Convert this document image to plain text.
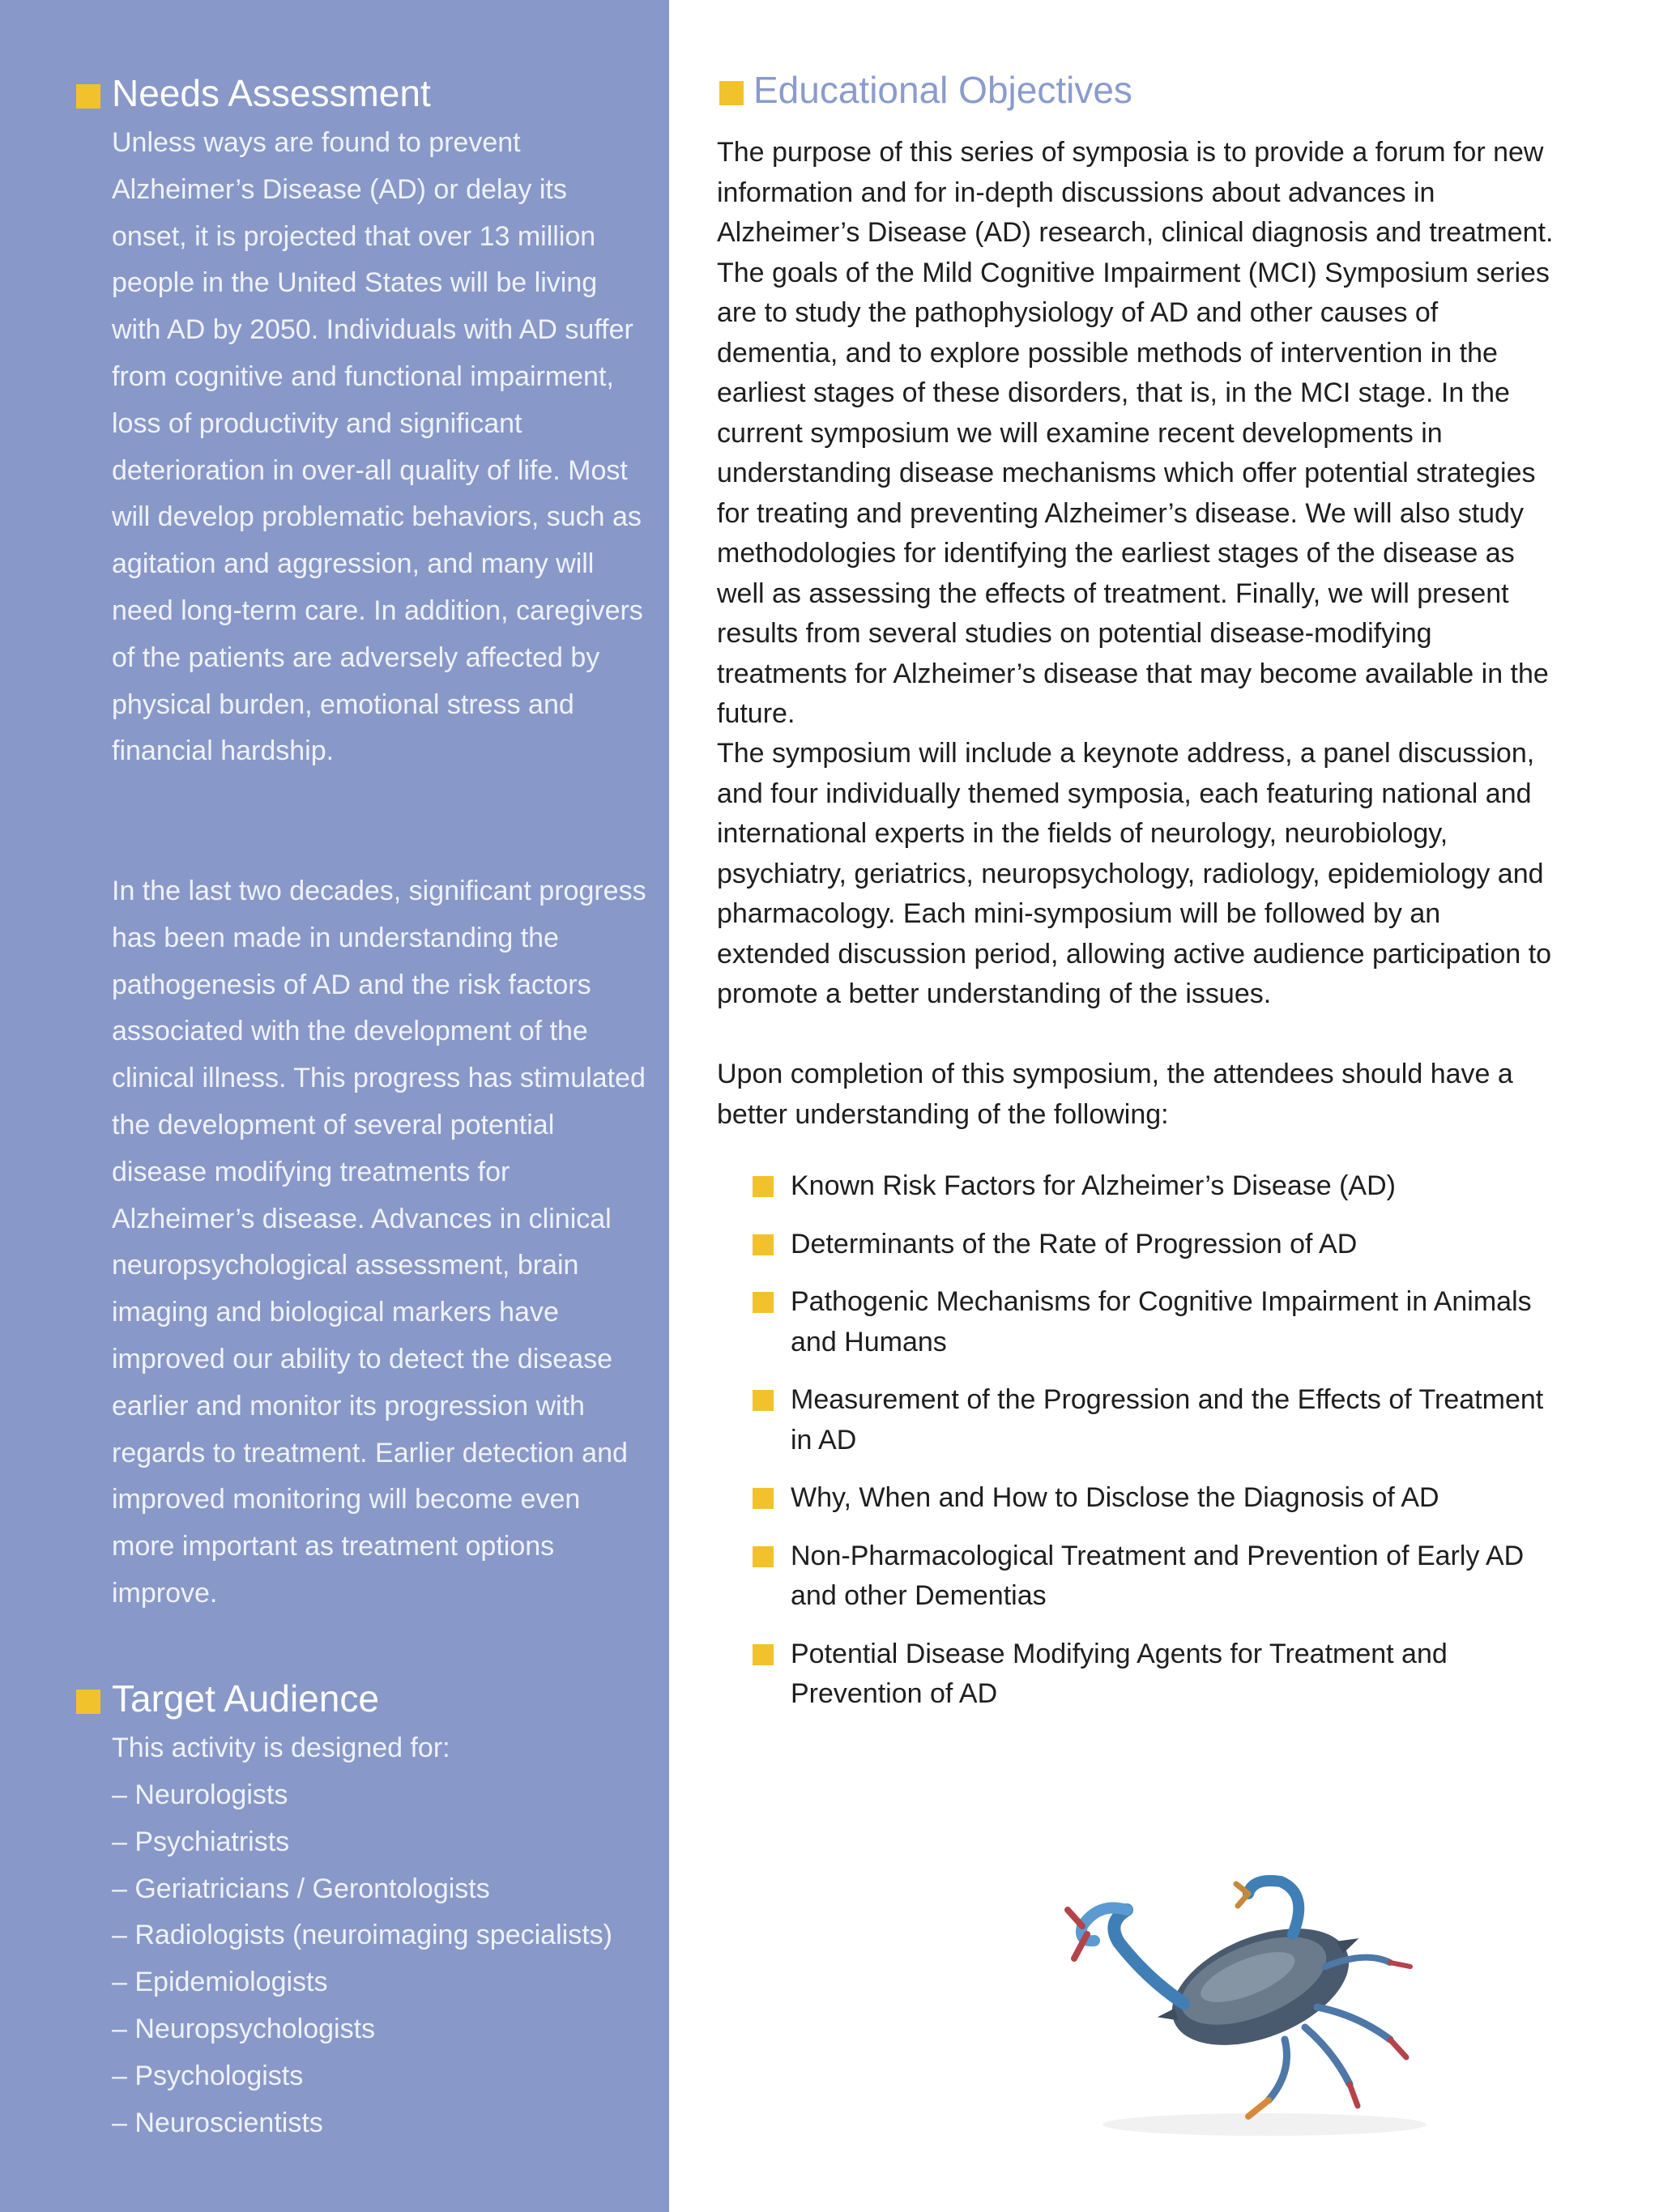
Needs Assessment

Unless ways are found to prevent Alzheimer’s Disease (AD) or delay its onset, it is projected that over 13 million people in the United States will be living with AD by 2050. Individuals with AD suffer from cognitive and functional impairment, loss of productivity and significant deterioration in over-all quality of life. Most will develop problematic behaviors, such as agitation and aggression, and many will need long-term care. In addition, caregivers of the patients are adversely affected by physical burden, emotional stress and financial hardship.

In the last two decades, significant progress has been made in understanding the pathogenesis of AD and the risk factors associated with the development of the clinical illness. This progress has stimulated the development of several potential disease modifying treatments for Alzheimer’s disease. Advances in clinical neuropsychological assessment, brain imaging and biological markers have improved our ability to detect the disease earlier and monitor its progression with regards to treatment. Earlier detection and improved monitoring will become even more important as treatment options improve.

Target Audience

This activity is designed for:

– Neurologists
– Psychiatrists
– Geriatricians / Gerontologists
– Radiologists (neuroimaging specialists)
– Epidemiologists
– Neuropsychologists
– Psychologists
– Neuroscientists
Educational Objectives

The purpose of this series of symposia is to provide a forum for new information and for in-depth discussions about advances in Alzheimer’s Disease (AD) research, clinical diagnosis and treatment. The goals of the Mild Cognitive Impairment (MCI) Symposium series are to study the pathophysiology of AD and other causes of dementia, and to explore possible methods of intervention in the earliest stages of these disorders, that is, in the MCI stage. In the current symposium we will examine recent developments in understanding disease mechanisms which offer potential strategies for treating and preventing Alzheimer’s disease. We will also study methodologies for identifying the earliest stages of the disease as well as assessing the effects of treatment. Finally, we will present results from several studies on potential disease-modifying treatments for Alzheimer’s disease that may become available in the future.

The symposium will include a keynote address, a panel discussion, and four individually themed symposia, each featuring national and international experts in the fields of neurology, neurobiology, psychiatry, geriatrics, neuropsychology, radiology, epidemiology and pharmacology. Each mini-symposium will be followed by an extended discussion period, allowing active audience participation to promote a better understanding of the issues.

Upon completion of this symposium, the attendees should have a better understanding of the following:

Known Risk Factors for Alzheimer’s Disease (AD)
Determinants of the Rate of Progression of AD
Pathogenic Mechanisms for Cognitive Impairment in Animals and Humans
Measurement of the Progression and the Effects of Treatment in AD
Why, When and How to Disclose the Diagnosis of AD
Non-Pharmacological Treatment and Prevention of Early AD and other Dementias
Potential Disease Modifying Agents for Treatment and Prevention of AD
